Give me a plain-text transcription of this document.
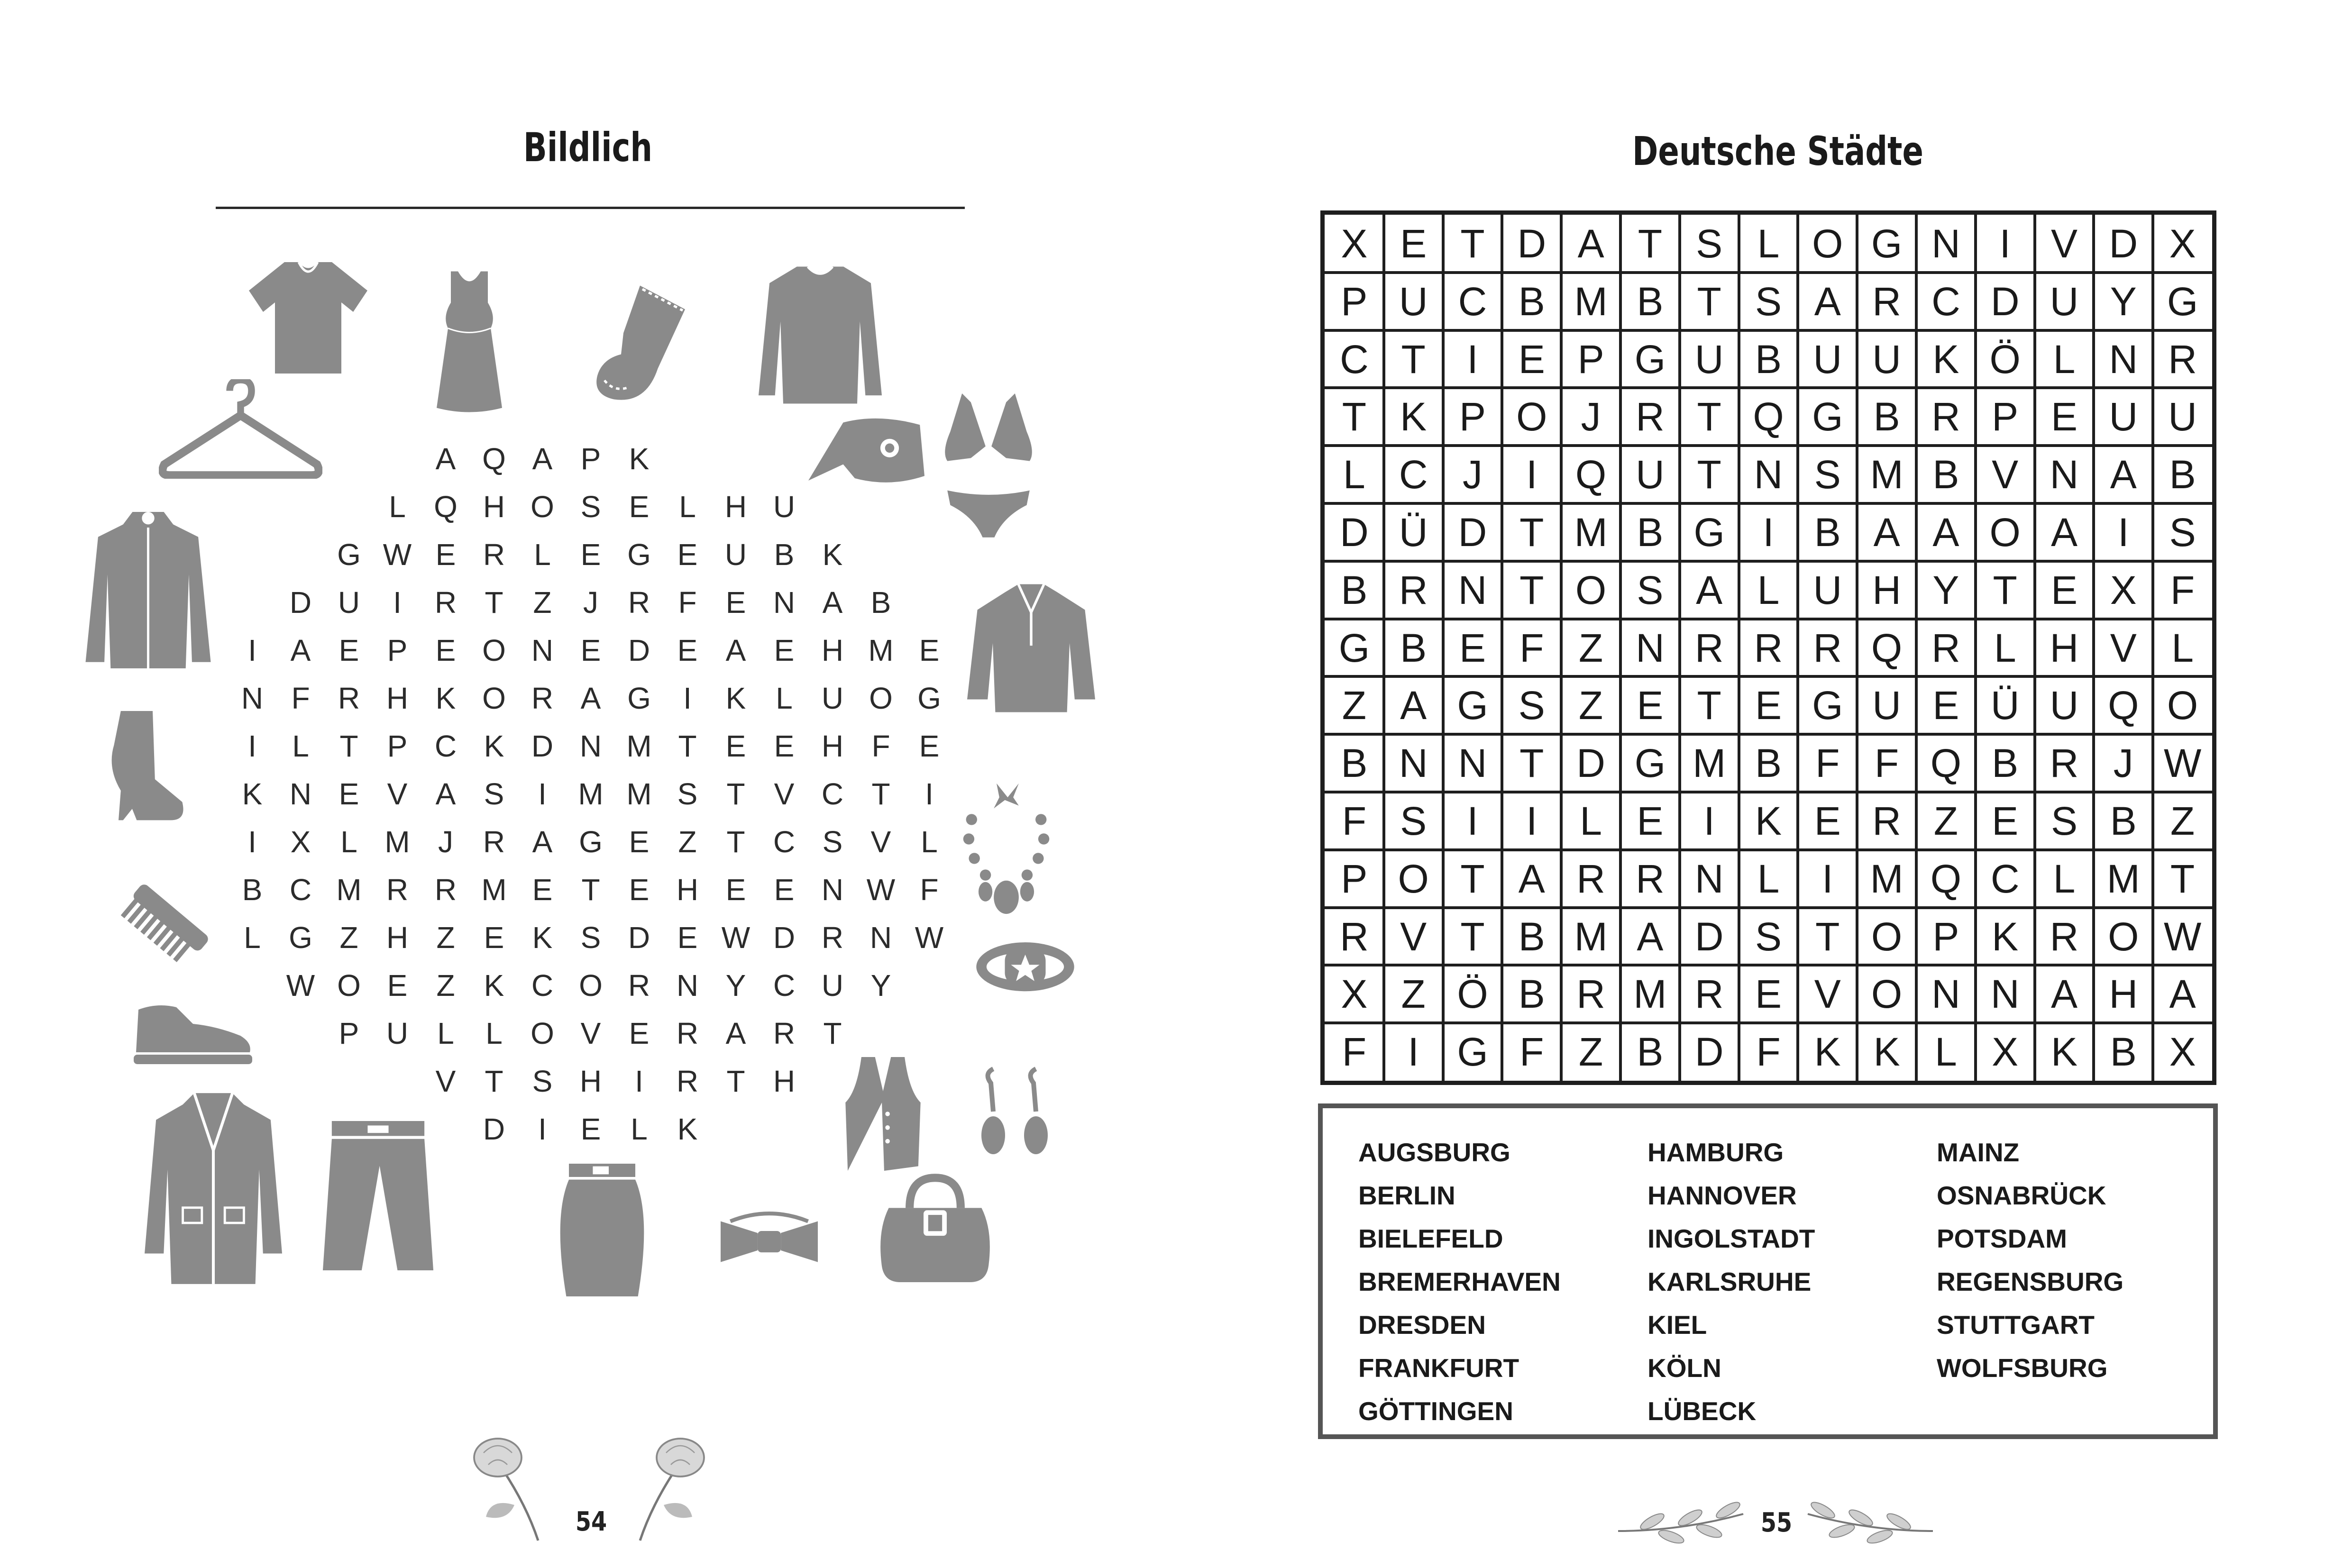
Bildlich
A Q A P K
L Q H O S E L H U
G W E R L E G E U B K
D U	I	R T Z	J R F E N A B
I	A E P E O N E D E A E H M E
N F R H K O R A G	I	K L U O G
I	L	T P C K D N M T E E H F E
K N E V A S	I	M M S T V C T	I
I	X L M J R A G E Z T C S V L
B C M R R M E T E H E E N W F
L G Z H Z E K S D E W D R N W
W O E Z K C O R N Y C U Y
P U L	L O V E R A R T
V T S H	I	R T H
D	I	E L K
54
Deutsche Städte
X E T D A T S L O G N I	V D X
P U C B M B T S A R C D U Y G
C T	I	E P G U B U U K Ö L N R
T K P O J R T Q G B R P E U U
L C J	I Q U T N S M B V N A B
D Ü D T M B G I	B A A O A	I	S
B R N T O S A L U H Y T E X F
G B E F Z N R R R Q R L H V L
Z A G S Z E T E G U E Ü U Q O
B N N T D G M B F F Q B R J W
F S	I	I	L E	I	K E R Z E S B Z
P O T A R R N L	I M Q C L M T
R V T B M A D S T O P K R O W
X Z Ö B R M R E V O N N A H A
F	I G F Z B D F K K L X K B X
AUGSBURG
BERLIN
BIELEFELD
BREMERHAVEN
DRESDEN
FRANKFURT
GÖTTINGEN
HAMBURG
HANNOVER
INGOLSTADT
KARLSRUHE
KIEL
KÖLN
LÜBECK
MAINZ
OSNABRÜCK
POTSDAM
REGENSBURG
STUTTGART
WOLFSBURG
55
